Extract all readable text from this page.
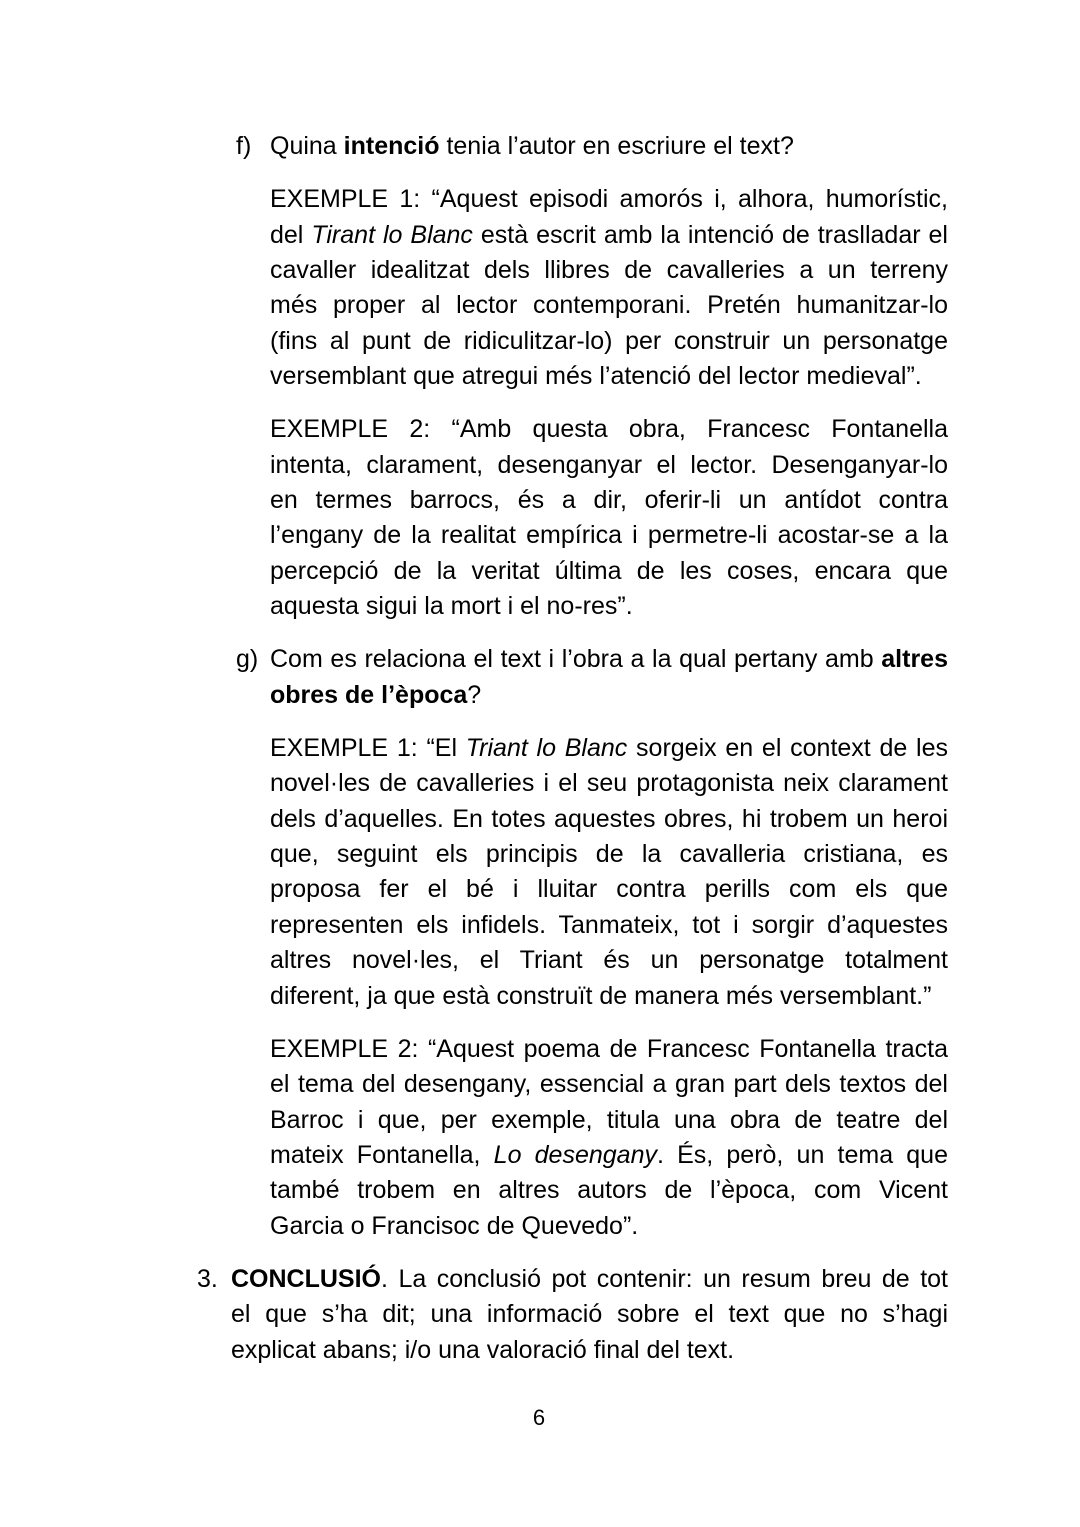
f) Quina intenció tenia l’autor en escriure el text?
EXEMPLE 1: “Aquest episodi amorós i, alhora, humorístic,
del Tirant lo Blanc està escrit amb la intenció de traslladar el
cavaller idealitzat dels llibres de cavalleries a un terreny
més proper al lector contemporani. Pretén humanitzar-lo
(fins al punt de ridiculitzar-lo) per construir un personatge
versemblant que atregui més l’atenció del lector medieval”.
EXEMPLE 2: “Amb questa obra, Francesc Fontanella
intenta, clarament, desenganyar el lector. Desenganyar-lo
en termes barrocs, és a dir, oferir-li un antídot contra
l’engany de la realitat empírica i permetre-li acostar-se a la
percepció de la veritat última de les coses, encara que
aquesta sigui la mort i el no-res”.
g) Com es relaciona el text i l’obra a la qual pertany amb altres
obres de l’època?
EXEMPLE 1: “El Triant lo Blanc sorgeix en el context de les
novel·les de cavalleries i el seu protagonista neix clarament
dels d’aquelles. En totes aquestes obres, hi trobem un heroi
que, seguint els principis de la cavalleria cristiana, es
proposa fer el bé i lluitar contra perills com els que
representen els infidels. Tanmateix, tot i sorgir d’aquestes
altres novel·les, el Triant és un personatge totalment
diferent, ja que està construït de manera més versemblant.”
EXEMPLE 2: “Aquest poema de Francesc Fontanella tracta
el tema del desengany, essencial a gran part dels textos del
Barroc i que, per exemple, titula una obra de teatre del
mateix Fontanella, Lo desengany. És, però, un tema que
també trobem en altres autors de l’època, com Vicent
Garcia o Francisoc de Quevedo”.
3. CONCLUSIÓ. La conclusió pot contenir: un resum breu de tot
el que s’ha dit; una informació sobre el text que no s’hagi
explicat abans; i/o una valoració final del text.
6
